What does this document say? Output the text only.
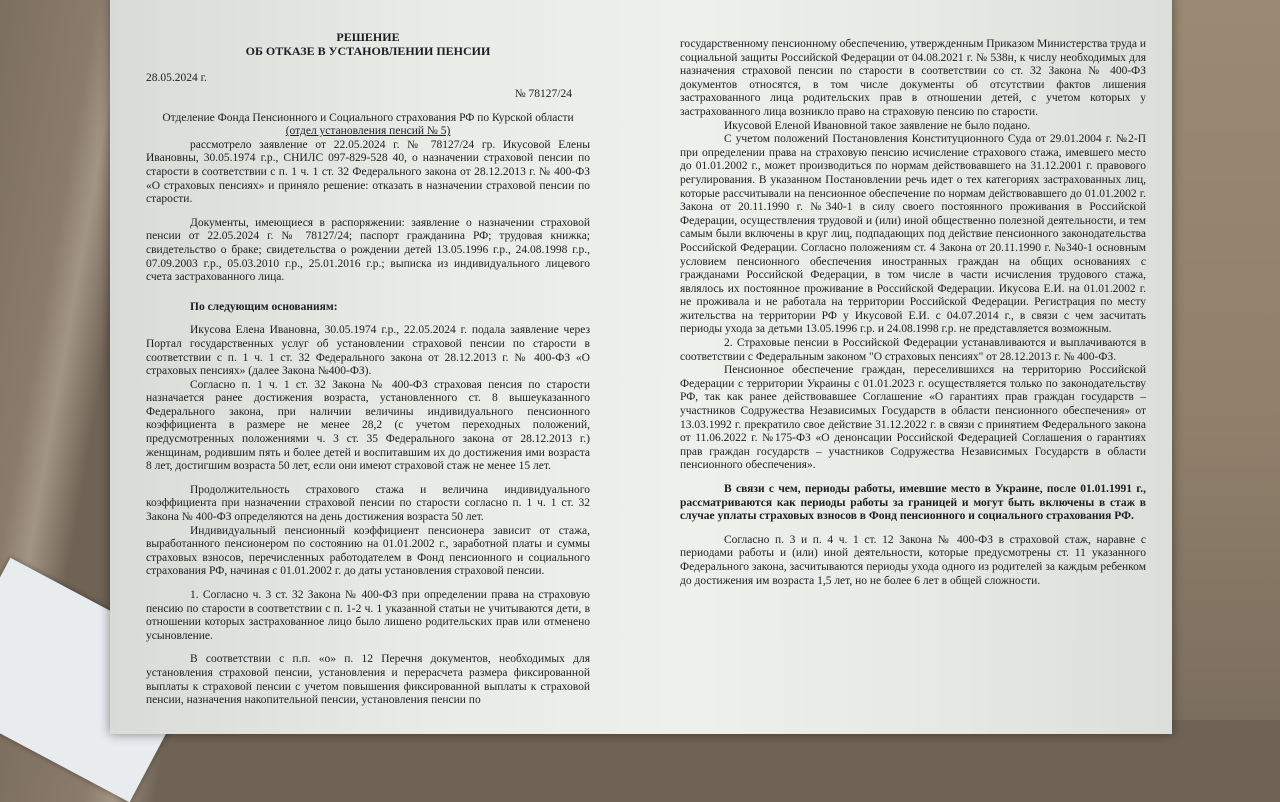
РЕШЕНИЕ
ОБ ОТКАЗЕ В УСТАНОВЛЕНИИ ПЕНСИИ
28.05.2024 г.
№ 78127/24

Отделение Фонда Пенсионного и Социального страхования РФ по Курской области

(отдел установления пенсий № 5)

рассмотрело заявление от 22.05.2024 г. № 78127/24 гр. Икусовой Елены Ивановны, 30.05.1974 г.р., СНИЛС 097-829-528 40, о назначении страховой пенсии по старости в соответствии с п. 1 ч. 1 ст. 32 Федерального закона от 28.12.2013 г. № 400-ФЗ «О страховых пенсиях» и приняло решение: отказать в назначении страховой пенсии по старости.

Документы, имеющиеся в распоряжении: заявление о назначении страховой пенсии от 22.05.2024 г. № 78127/24; паспорт гражданина РФ; трудовая книжка; свидетельство о браке; свидетельства о рождении детей 13.05.1996 г.р., 24.08.1998 г.р., 07.09.2003 г.р., 05.03.2010 г.р., 25.01.2016 г.р.; выписка из индивидуального лицевого счета застрахованного лица.

По следующим основаниям:

Икусова Елена Ивановна, 30.05.1974 г.р., 22.05.2024 г. подала заявление через Портал государственных услуг об установлении страховой пенсии по старости в соответствии с п. 1 ч. 1 ст. 32 Федерального закона от 28.12.2013 г. № 400-ФЗ «О страховых пенсиях» (далее Закона №400-ФЗ).

Согласно п. 1 ч. 1 ст. 32 Закона № 400-ФЗ страховая пенсия по старости назначается ранее достижения возраста, установленного ст. 8 вышеуказанного Федерального закона, при наличии величины индивидуального пенсионного коэффициента в размере не менее 28,2 (с учетом переходных положений, предусмотренных положениями ч. 3 ст. 35 Федерального закона от 28.12.2013 г.) женщинам, родившим пять и более детей и воспитавшим их до достижения ими возраста 8 лет, достигшим возраста 50 лет, если они имеют страховой стаж не менее 15 лет.

Продолжительность страхового стажа и величина индивидуального коэффициента при назначении страховой пенсии по старости согласно п. 1 ч. 1 ст. 32 Закона № 400-ФЗ определяются на день достижения возраста 50 лет.

Индивидуальный пенсионный коэффициент пенсионера зависит от стажа, выработанного пенсионером по состоянию на 01.01.2002 г., заработной платы и суммы страховых взносов, перечисленных работодателем в Фонд пенсионного и социального страхования РФ, начиная с 01.01.2002 г. до даты установления страховой пенсии.

1. Согласно ч. 3 ст. 32 Закона № 400-ФЗ при определении права на страховую пенсию по старости в соответствии с п. 1-2 ч. 1 указанной статьи не учитываются дети, в отношении которых застрахованное лицо было лишено родительских прав или отменено усыновление.

В соответствии с п.п. «о» п. 12 Перечня документов, необходимых для установления страховой пенсии, установления и перерасчета размера фиксированной выплаты к страховой пенсии с учетом повышения фиксированной выплаты к страховой пенсии, назначения накопительной пенсии, установления пенсии по

государственному пенсионному обеспечению, утвержденным Приказом Министерства труда и социальной защиты Российской Федерации от 04.08.2021 г. № 538н, к числу необходимых для назначения страховой пенсии по старости в соответствии со ст. 32 Закона № 400-ФЗ документов относятся, в том числе документы об отсутствии фактов лишения застрахованного лица родительских прав в отношении детей, с учетом которых у застрахованного лица возникло право на страховую пенсию по старости.

Икусовой Еленой Ивановной такое заявление не было подано.

С учетом положений Постановления Конституционного Суда от 29.01.2004 г. №2-П при определении права на страховую пенсию исчисление страхового стажа, имевшего место до 01.01.2002 г., может производиться по нормам действовавшего на 31.12.2001 г. правового регулирования. В указанном Постановлении речь идет о тех категориях застрахованных лиц, которые рассчитывали на пенсионное обеспечение по нормам действовавшего до 01.01.2002 г. Закона от 20.11.1990 г. №340-1 в силу своего постоянного проживания в Российской Федерации, осуществления трудовой и (или) иной общественно полезной деятельности, и тем самым были включены в круг лиц, подпадающих под действие пенсионного законодательства Российской Федерации. Согласно положениям ст. 4 Закона от 20.11.1990 г. №340-1 основным условием пенсионного обеспечения иностранных граждан на общих основаниях с гражданами Российской Федерации, в том числе в части исчисления трудового стажа, являлось их постоянное проживание в Российской Федерации. Икусова Е.И. на 01.01.2002 г. не проживала и не работала на территории Российской Федерации. Регистрация по месту жительства на территории РФ у Икусовой Е.И. с 04.07.2014 г., в связи с чем засчитать периоды ухода за детьми 13.05.1996 г.р. и 24.08.1998 г.р. не представляется возможным.

2. Страховые пенсии в Российской Федерации устанавливаются и выплачиваются в соответствии с Федеральным законом "О страховых пенсиях" от 28.12.2013 г. № 400-ФЗ.

Пенсионное обеспечение граждан, переселившихся на территорию Российской Федерации с территории Украины с 01.01.2023 г. осуществляется только по законодательству РФ, так как ранее действовавшее Соглашение «О гарантиях прав граждан государств – участников Содружества Независимых Государств в области пенсионного обеспечения» от 13.03.1992 г. прекратило свое действие 31.12.2022 г. в связи с принятием Федерального закона от 11.06.2022 г. №175-ФЗ «О денонсации Российской Федерацией Соглашения о гарантиях прав граждан государств – участников Содружества Независимых Государств в области пенсионного обеспечения».

В связи с чем, периоды работы, имевшие место в Украине, после 01.01.1991 г., рассматриваются как периоды работы за границей и могут быть включены в стаж в случае уплаты страховых взносов в Фонд пенсионного и социального страхования РФ.

Согласно п. 3 и п. 4 ч. 1 ст. 12 Закона № 400-ФЗ в страховой стаж, наравне с периодами работы и (или) иной деятельности, которые предусмотрены ст. 11 указанного Федерального закона, засчитываются периоды ухода одного из родителей за каждым ребенком до достижения им возраста 1,5 лет, но не более 6 лет в общей сложности.
